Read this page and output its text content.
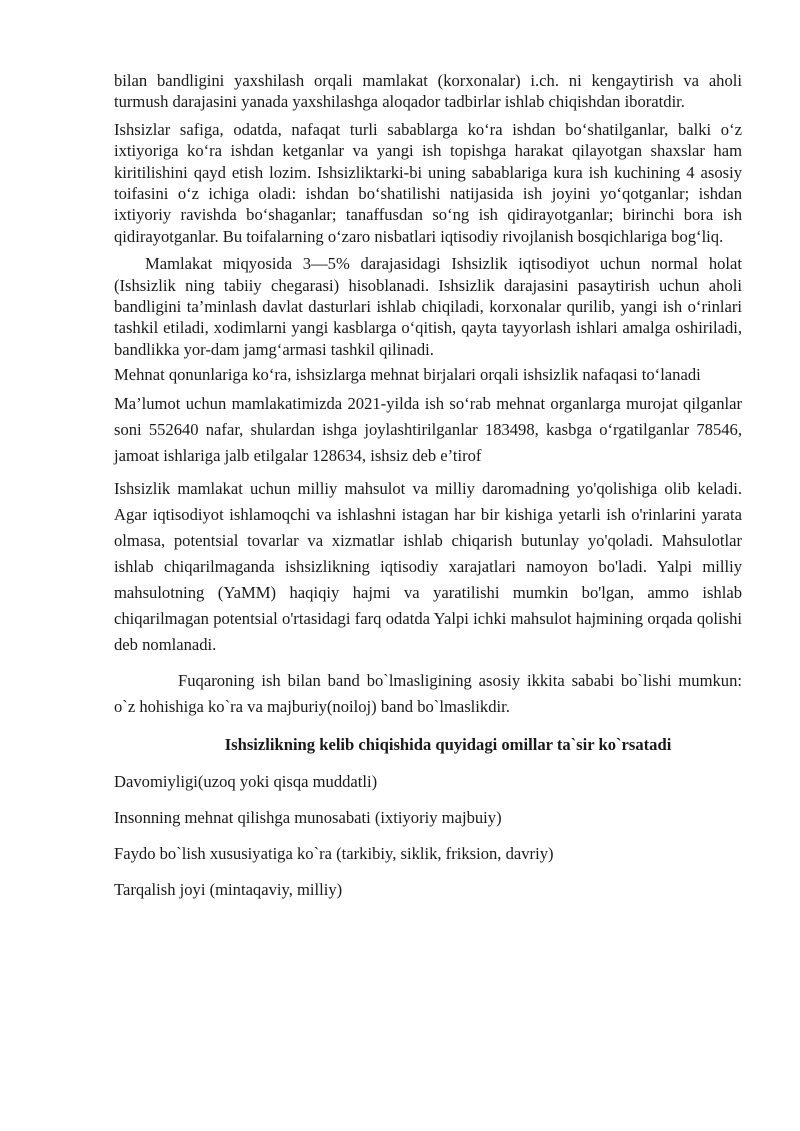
bilan bandligini yaxshilash orqali mamlakat (korxonalar) i.ch. ni kengaytirish va aholi turmush darajasini yanada yaxshilashga aloqador tadbirlar ishlab chiqishdan iboratdir.

Ishsizlar safiga, odatda, nafaqat turli sabablarga ko‘ra ishdan bo‘shatilganlar, balki o‘z ixtiyoriga ko‘ra ishdan ketganlar va yangi ish topishga harakat qilayotgan shaxslar ham kiritilishini qayd etish lozim. Ishsizliktarki-bi uning sabablariga kura ish kuchining 4 asosiy toifasini o‘z ichiga oladi: ishdan bo‘shatilishi natijasida ish joyini yo‘qotganlar; ishdan ixtiyoriy ravishda bo‘shaganlar; tanaffusdan so‘ng ish qidirayotganlar; birinchi bora ish qidirayotganlar. Bu toifalarning o‘zaro nisbatlari iqtisodiy rivojlanish bosqichlariga bog‘liq.

Mamlakat miqyosida 3—5% darajasidagi Ishsizlik iqtisodiyot uchun normal holat (Ishsizlik ning tabiiy chegarasi) hisoblanadi. Ishsizlik darajasini pasaytirish uchun aholi bandligini ta’minlash davlat dasturlari ishlab chiqiladi, korxonalar qurilib, yangi ish o‘rinlari tashkil etiladi, xodimlarni yangi kasblarga o‘qitish, qayta tayyorlash ishlari amalga oshiriladi, bandlikka yor-dam jamg‘armasi tashkil qilinadi.

Mehnat qonunlariga ko‘ra, ishsizlarga mehnat birjalari orqali ishsizlik nafaqasi to‘lanadi

Ma’lumot uchun mamlakatimizda 2021-yilda ish so‘rab mehnat organlarga murojat qilganlar soni 552640 nafar, shulardan ishga joylashtirilganlar 183498, kasbga o‘rgatilganlar 78546, jamoat ishlariga jalb etilgalar 128634, ishsiz deb e’tirof

Ishsizlik mamlakat uchun milliy mahsulot va milliy daromadning yo'qolishiga olib keladi. Agar iqtisodiyot ishlamoqchi va ishlashni istagan har bir kishiga yetarli ish o'rinlarini yarata olmasa, potentsial tovarlar va xizmatlar ishlab chiqarish butunlay yo'qoladi. Mahsulotlar ishlab chiqarilmaganda ishsizlikning iqtisodiy xarajatlari namoyon bo'ladi. Yalpi milliy mahsulotning (YaMM) haqiqiy hajmi va yaratilishi mumkin bo'lgan, ammo ishlab chiqarilmagan potentsial o'rtasidagi farq odatda Yalpi ichki mahsulot hajmining orqada qolishi deb nomlanadi.

Fuqaroning ish bilan band bo`lmasligining asosiy ikkita sababi bo`lishi mumkun: o`z hohishiga ko`ra va majburiy(noiloj) band bo`lmaslikdir.

Ishsizlikning kelib chiqishida quyidagi omillar ta`sir ko`rsatadi

Davomiyligi(uzoq yoki qisqa muddatli)

Insonning mehnat qilishga munosabati (ixtiyoriy majbuiy)

Faydo bo`lish xususiyatiga ko`ra (tarkibiy, siklik, friksion, davriy)

Tarqalish joyi (mintaqaviy, milliy)
